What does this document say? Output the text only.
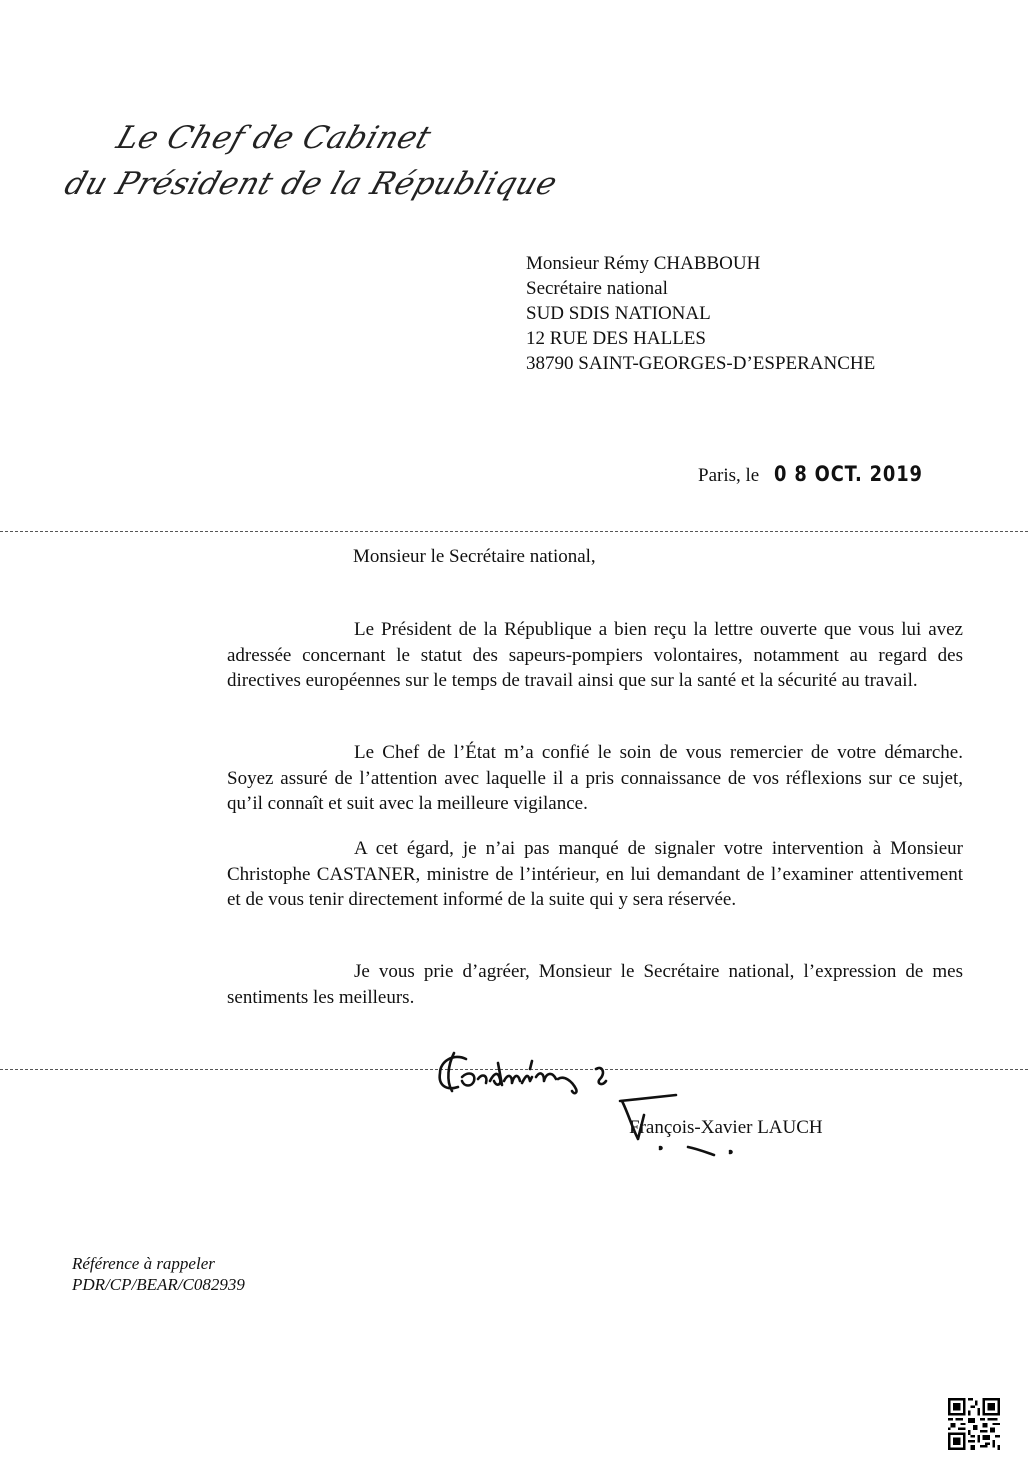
Le Chef de Cabinet
du Président de la République
Monsieur Rémy CHABBOUH
Secrétaire national
SUD SDIS NATIONAL
12 RUE DES HALLES
38790 SAINT-GEORGES-D’ESPERANCHE
Paris, le 0 8 OCT. 2019
Monsieur le Secrétaire national,

Le Président de la République a bien reçu la lettre ouverte que vous lui avez adressée concernant le statut des sapeurs-pompiers volontaires, notamment au regard des directives européennes sur le temps de travail ainsi que sur la santé et la sécurité au travail.

Le Chef de l’État m’a confié le soin de vous remercier de votre démarche. Soyez assuré de l’attention avec laquelle il a pris connaissance de vos réflexions sur ce sujet, qu’il connaît et suit avec la meilleure vigilance.

A cet égard, je n’ai pas manqué de signaler votre intervention à Monsieur Christophe CASTANER, ministre de l’intérieur, en lui demandant de l’examiner attentivement et de vous tenir directement informé de la suite qui y sera réservée.

Je vous prie d’agréer, Monsieur le Secrétaire national, l’expression de mes sentiments les meilleurs.

François-Xavier LAUCH
Référence à rappeler
PDR/CP/BEAR/C082939
